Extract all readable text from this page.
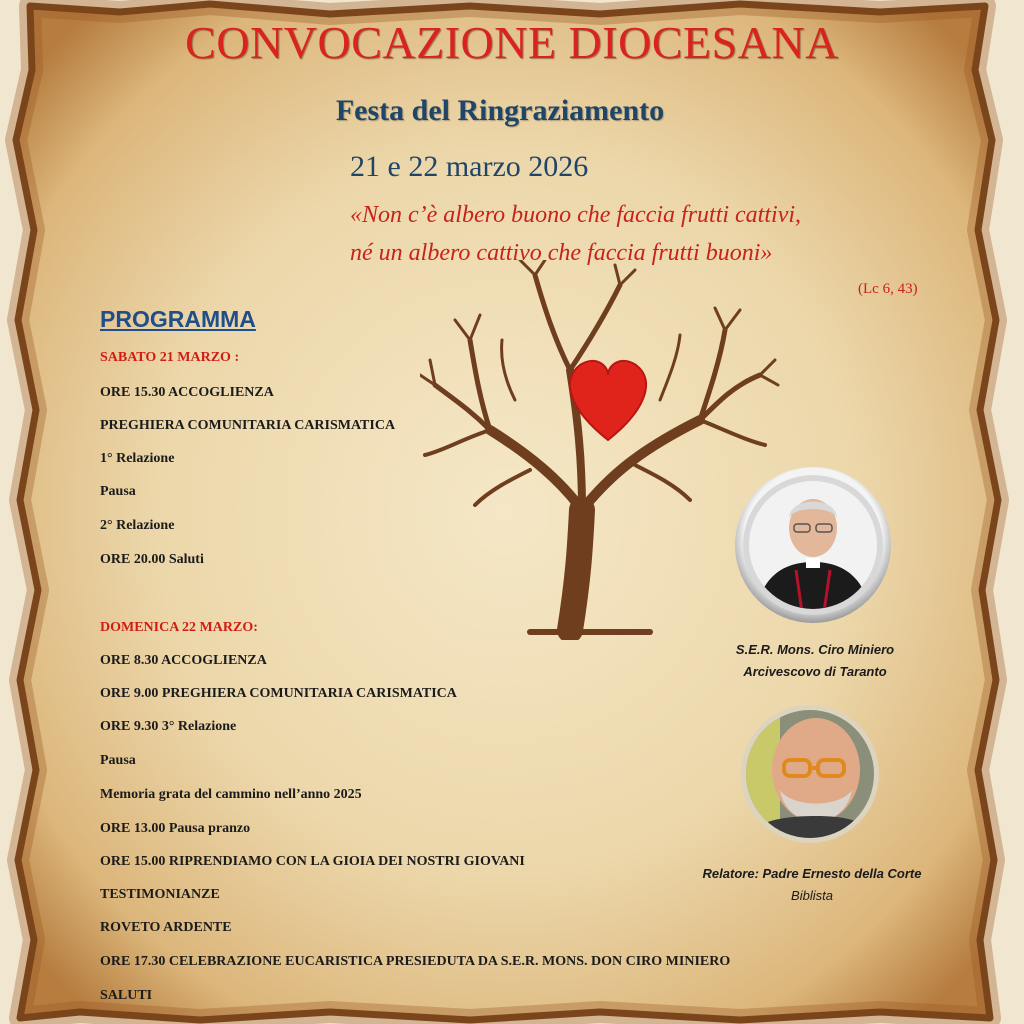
CONVOCAZIONE DIOCESANA
Festa del Ringraziamento
21 e 22 marzo 2026
«Non c’è albero buono che faccia frutti cattivi,
né un albero cattivo che faccia frutti buoni»
(Lc 6, 43)
PROGRAMMA
SABATO 21 MARZO :
ORE 15.30 ACCOGLIENZA
PREGHIERA COMUNITARIA CARISMATICA
1° Relazione
Pausa
2° Relazione
ORE 20.00 Saluti
DOMENICA 22 MARZO:
ORE 8.30 ACCOGLIENZA
ORE 9.00 PREGHIERA COMUNITARIA CARISMATICA
ORE 9.30 3° Relazione
Pausa
Memoria grata del cammino nell’anno 2025
ORE 13.00 Pausa pranzo
ORE 15.00 RIPRENDIAMO CON LA GIOIA DEI NOSTRI GIOVANI
TESTIMONIANZE
ROVETO ARDENTE
ORE 17.30 CELEBRAZIONE EUCARISTICA PRESIEDUTA DA S.E.R. MONS. DON CIRO MINIERO
SALUTI
S.E.R. Mons. Ciro Miniero
Arcivescovo di Taranto
Relatore: Padre Ernesto della Corte
Biblista
